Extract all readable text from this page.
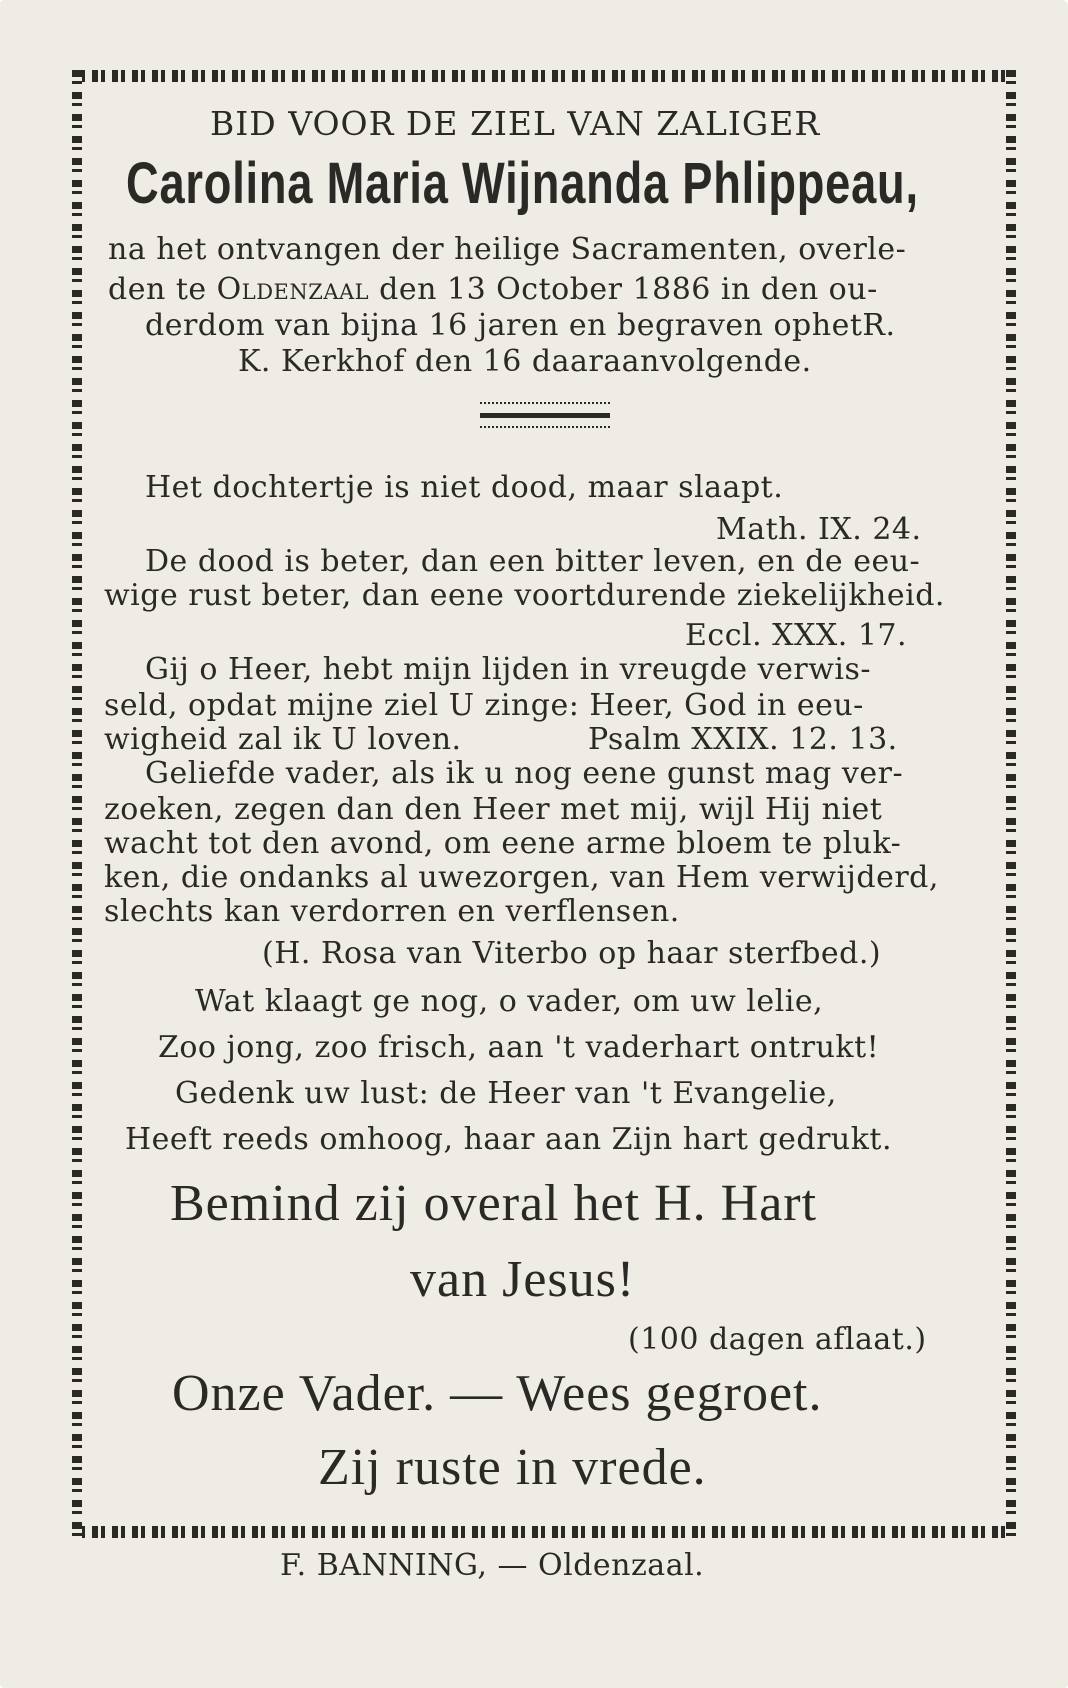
BID VOOR DE ZIEL VAN ZALIGER

Carolina Maria Wijnanda Phlippeau,

na het ontvangen der heilige Sacramenten, overle-

den te Oldenzaal den 13 October 1886 in den ou-

derdom van bijna 16 jaren en begraven ophetR.

K. Kerkhof den 16 daaraanvolgende.

Het dochtertje is niet dood, maar slaapt.

Math. IX. 24.

De dood is beter, dan een bitter leven, en de eeu-

wige rust beter, dan eene voortdurende ziekelijkheid.

Eccl. XXX. 17.

Gij o Heer, hebt mijn lijden in vreugde verwis-

seld, opdat mijne ziel U zinge: Heer, God in eeu-

wigheid zal ik U loven.	Psalm XXIX. 12. 13.

Geliefde vader, als ik u nog eene gunst mag ver-

zoeken, zegen dan den Heer met mij, wijl Hij niet

wacht tot den avond, om eene arme bloem te pluk-

ken, die ondanks al uwezorgen, van Hem verwijderd,

slechts kan verdorren en verflensen.

(H. Rosa van Viterbo op haar sterfbed.)

Wat klaagt ge nog, o vader, om uw lelie,

Zoo jong, zoo frisch, aan 't vaderhart ontrukt!

Gedenk uw lust: de Heer van 't Evangelie,

Heeft reeds omhoog, haar aan Zijn hart gedrukt.

Bemind zij overal het H. Hart

van Jesus!

(100 dagen aflaat.)

Onze Vader. — Wees gegroet.

Zij ruste in vrede.

F. BANNING, — Oldenzaal.
